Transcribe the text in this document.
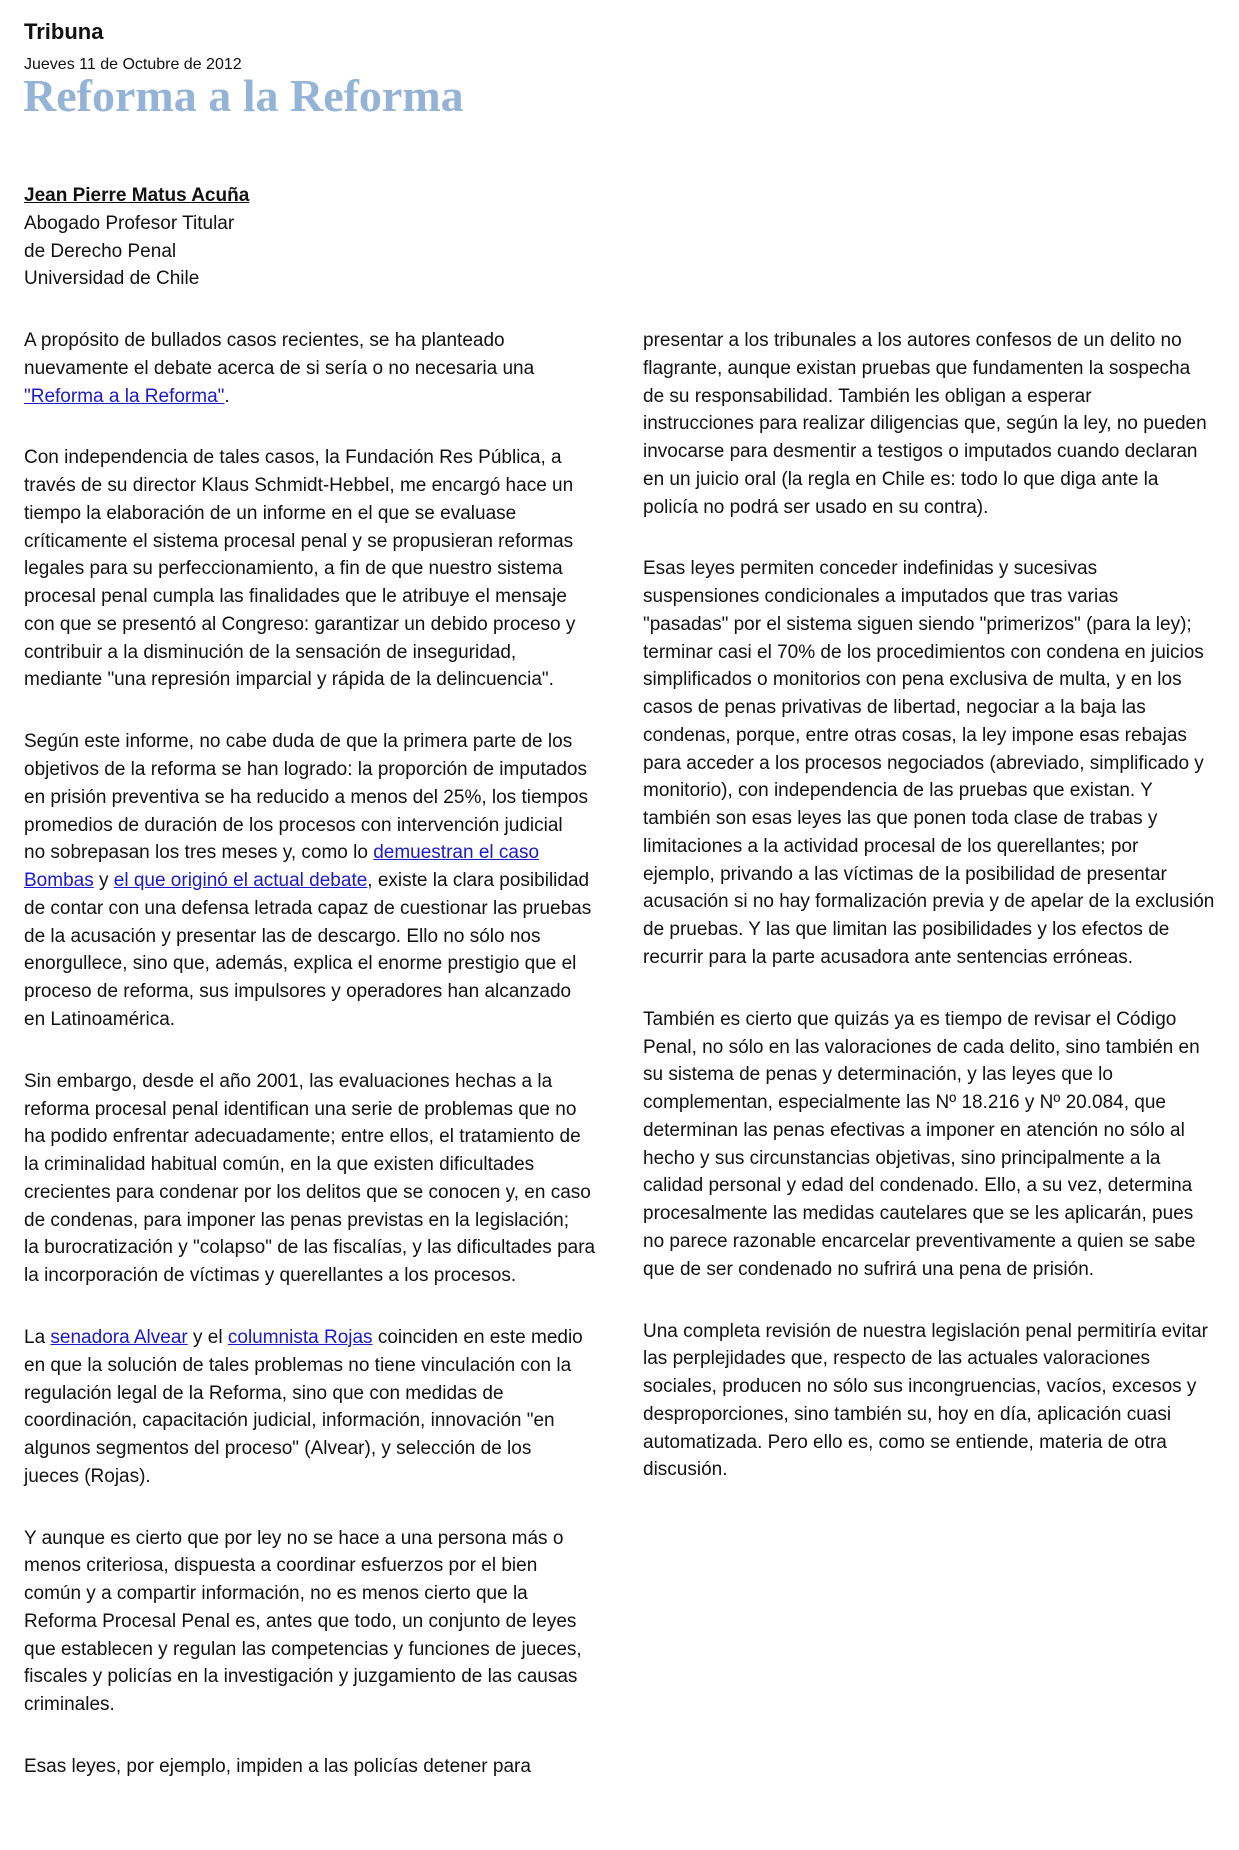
Tribuna
Jueves 11 de Octubre de 2012
Reforma a la Reforma
Jean Pierre Matus Acuña
Abogado Profesor Titular
de Derecho Penal
Universidad de Chile
A propósito de bullados casos recientes, se ha planteado
nuevamente el debate acerca de si sería o no necesaria una
"Reforma a la Reforma".
Con independencia de tales casos, la Fundación Res Pública, a
través de su director Klaus Schmidt-Hebbel, me encargó hace un
tiempo la elaboración de un informe en el que se evaluase
críticamente el sistema procesal penal y se propusieran reformas
legales para su perfeccionamiento, a fin de que nuestro sistema
procesal penal cumpla las finalidades que le atribuye el mensaje
con que se presentó al Congreso: garantizar un debido proceso y
contribuir a la disminución de la sensación de inseguridad,
mediante "una represión imparcial y rápida de la delincuencia".
Según este informe, no cabe duda de que la primera parte de los
objetivos de la reforma se han logrado: la proporción de imputados
en prisión preventiva se ha reducido a menos del 25%, los tiempos
promedios de duración de los procesos con intervención judicial
no sobrepasan los tres meses y, como lo demuestran el caso
Bombas y el que originó el actual debate, existe la clara posibilidad
de contar con una defensa letrada capaz de cuestionar las pruebas
de la acusación y presentar las de descargo. Ello no sólo nos
enorgullece, sino que, además, explica el enorme prestigio que el
proceso de reforma, sus impulsores y operadores han alcanzado
en Latinoamérica.
Sin embargo, desde el año 2001, las evaluaciones hechas a la
reforma procesal penal identifican una serie de problemas que no
ha podido enfrentar adecuadamente; entre ellos, el tratamiento de
la criminalidad habitual común, en la que existen dificultades
crecientes para condenar por los delitos que se conocen y, en caso
de condenas, para imponer las penas previstas en la legislación;
la burocratización y "colapso" de las fiscalías, y las dificultades para
la incorporación de víctimas y querellantes a los procesos.
La senadora Alvear y el columnista Rojas coinciden en este medio
en que la solución de tales problemas no tiene vinculación con la
regulación legal de la Reforma, sino que con medidas de
coordinación, capacitación judicial, información, innovación "en
algunos segmentos del proceso" (Alvear), y selección de los
jueces (Rojas).
Y aunque es cierto que por ley no se hace a una persona más o
menos criteriosa, dispuesta a coordinar esfuerzos por el bien
común y a compartir información, no es menos cierto que la
Reforma Procesal Penal es, antes que todo, un conjunto de leyes
que establecen y regulan las competencias y funciones de jueces,
fiscales y policías en la investigación y juzgamiento de las causas
criminales.
Esas leyes, por ejemplo, impiden a las policías detener para
presentar a los tribunales a los autores confesos de un delito no
flagrante, aunque existan pruebas que fundamenten la sospecha
de su responsabilidad. También les obligan a esperar
instrucciones para realizar diligencias que, según la ley, no pueden
invocarse para desmentir a testigos o imputados cuando declaran
en un juicio oral (la regla en Chile es: todo lo que diga ante la
policía no podrá ser usado en su contra).
Esas leyes permiten conceder indefinidas y sucesivas
suspensiones condicionales a imputados que tras varias
"pasadas" por el sistema siguen siendo "primerizos" (para la ley);
terminar casi el 70% de los procedimientos con condena en juicios
simplificados o monitorios con pena exclusiva de multa, y en los
casos de penas privativas de libertad, negociar a la baja las
condenas, porque, entre otras cosas, la ley impone esas rebajas
para acceder a los procesos negociados (abreviado, simplificado y
monitorio), con independencia de las pruebas que existan. Y
también son esas leyes las que ponen toda clase de trabas y
limitaciones a la actividad procesal de los querellantes; por
ejemplo, privando a las víctimas de la posibilidad de presentar
acusación si no hay formalización previa y de apelar de la exclusión
de pruebas. Y las que limitan las posibilidades y los efectos de
recurrir para la parte acusadora ante sentencias erróneas.
También es cierto que quizás ya es tiempo de revisar el Código
Penal, no sólo en las valoraciones de cada delito, sino también en
su sistema de penas y determinación, y las leyes que lo
complementan, especialmente las Nº 18.216 y Nº 20.084, que
determinan las penas efectivas a imponer en atención no sólo al
hecho y sus circunstancias objetivas, sino principalmente a la
calidad personal y edad del condenado. Ello, a su vez, determina
procesalmente las medidas cautelares que se les aplicarán, pues
no parece razonable encarcelar preventivamente a quien se sabe
que de ser condenado no sufrirá una pena de prisión.
Una completa revisión de nuestra legislación penal permitiría evitar
las perplejidades que, respecto de las actuales valoraciones
sociales, producen no sólo sus incongruencias, vacíos, excesos y
desproporciones, sino también su, hoy en día, aplicación cuasi
automatizada. Pero ello es, como se entiende, materia de otra
discusión.
